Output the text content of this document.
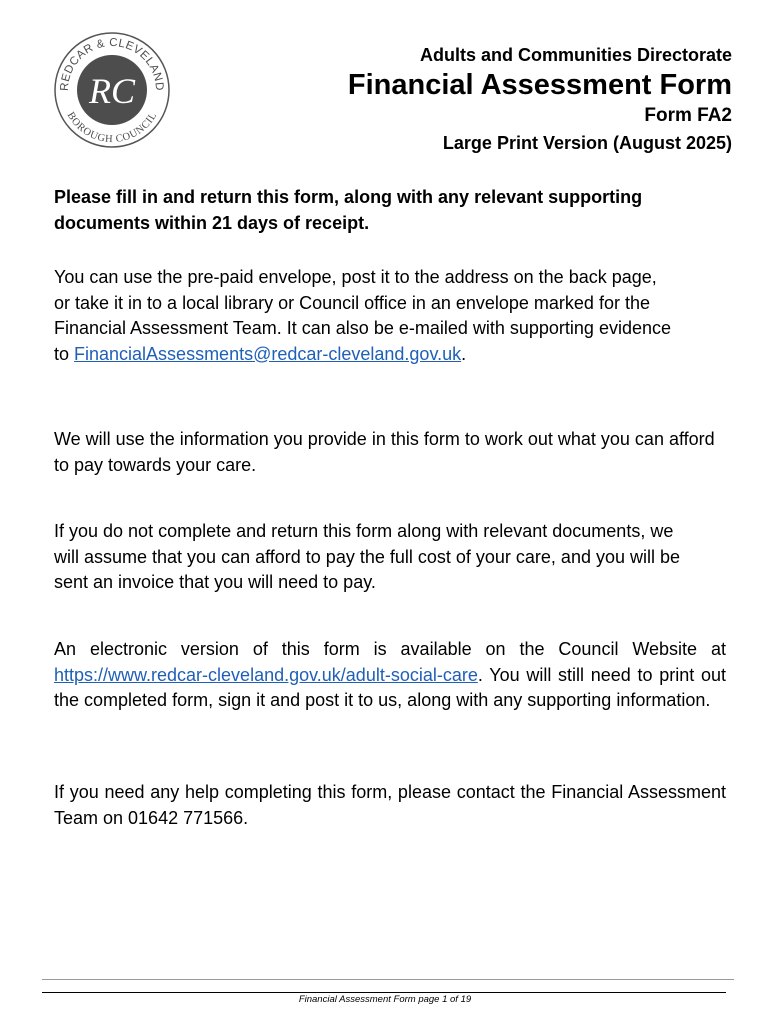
REDCAR & CLEVELAND
BOROUGH COUNCIL
RC
Adults and Communities Directorate
Financial Assessment Form
Form FA2
Large Print Version (August 2025)

Please fill in and return this form, along with any relevant supporting documents within 21 days of receipt.

You can use the pre-paid envelope, post it to the address on the back page, or take it in to a local library or Council office in an envelope marked for the Financial Assessment Team. It can also be e-mailed with supporting evidence to FinancialAssessments@redcar-cleveland.gov.uk.

We will use the information you provide in this form to work out what you can afford to pay towards your care.

If you do not complete and return this form along with relevant documents, we will assume that you can afford to pay the full cost of your care, and you will be sent an invoice that you will need to pay.

An electronic version of this form is available on the Council Website at https://www.redcar-cleveland.gov.uk/adult-social-care. You will still need to print out the completed form, sign it and post it to us, along with any supporting information.

If you need any help completing this form, please contact the Financial Assessment Team on 01642 771566.

Financial Assessment Form page 1 of 19
